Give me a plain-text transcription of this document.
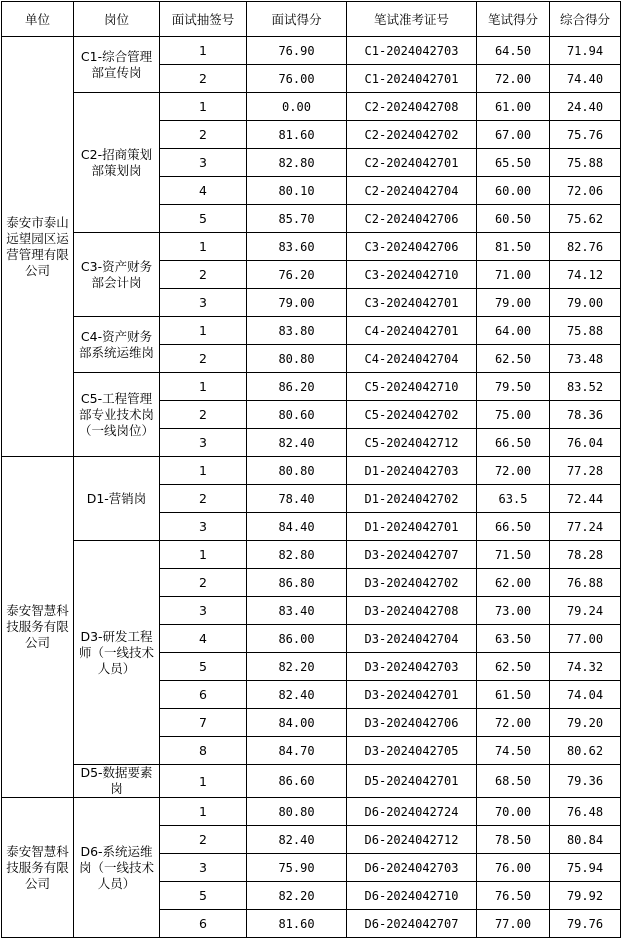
单位	岗位	面试抽签号	面试得分	笔试准考证号	笔试得分	综合得分
泰安市泰山远望园区运营管理有限公司	C1-综合管理部宣传岗	1	76.90	C1-2024042703	64.50	71.94
		2	76.00	C1-2024042701	72.00	74.40
	C2-招商策划部策划岗	1	0.00	C2-2024042708	61.00	24.40
		2	81.60	C2-2024042702	67.00	75.76
		3	82.80	C2-2024042701	65.50	75.88
		4	80.10	C2-2024042704	60.00	72.06
		5	85.70	C2-2024042706	60.50	75.62
	C3-资产财务部会计岗	1	83.60	C3-2024042706	81.50	82.76
		2	76.20	C3-2024042710	71.00	74.12
		3	79.00	C3-2024042701	79.00	79.00
	C4-资产财务部系统运维岗	1	83.80	C4-2024042701	64.00	75.88
		2	80.80	C4-2024042704	62.50	73.48
	C5-工程管理部专业技术岗（一线岗位）	1	86.20	C5-2024042710	79.50	83.52
		2	80.60	C5-2024042702	75.00	78.36
		3	82.40	C5-2024042712	66.50	76.04
泰安智慧科技服务有限公司	D1-营销岗	1	80.80	D1-2024042703	72.00	77.28
		2	78.40	D1-2024042702	63.5	72.44
		3	84.40	D1-2024042701	66.50	77.24
	D3-研发工程师（一线技术人员）	1	82.80	D3-2024042707	71.50	78.28
		2	86.80	D3-2024042702	62.00	76.88
		3	83.40	D3-2024042708	73.00	79.24
		4	86.00	D3-2024042704	63.50	77.00
		5	82.20	D3-2024042703	62.50	74.32
		6	82.40	D3-2024042701	61.50	74.04
		7	84.00	D3-2024042706	72.00	79.20
		8	84.70	D3-2024042705	74.50	80.62
	D5-数据要素岗	1	86.60	D5-2024042701	68.50	79.36
泰安智慧科技服务有限公司	D6-系统运维岗（一线技术人员）	1	80.80	D6-2024042724	70.00	76.48
		2	82.40	D6-2024042712	78.50	80.84
		3	75.90	D6-2024042703	76.00	75.94
		5	82.20	D6-2024042710	76.50	79.92
		6	81.60	D6-2024042707	77.00	79.76
